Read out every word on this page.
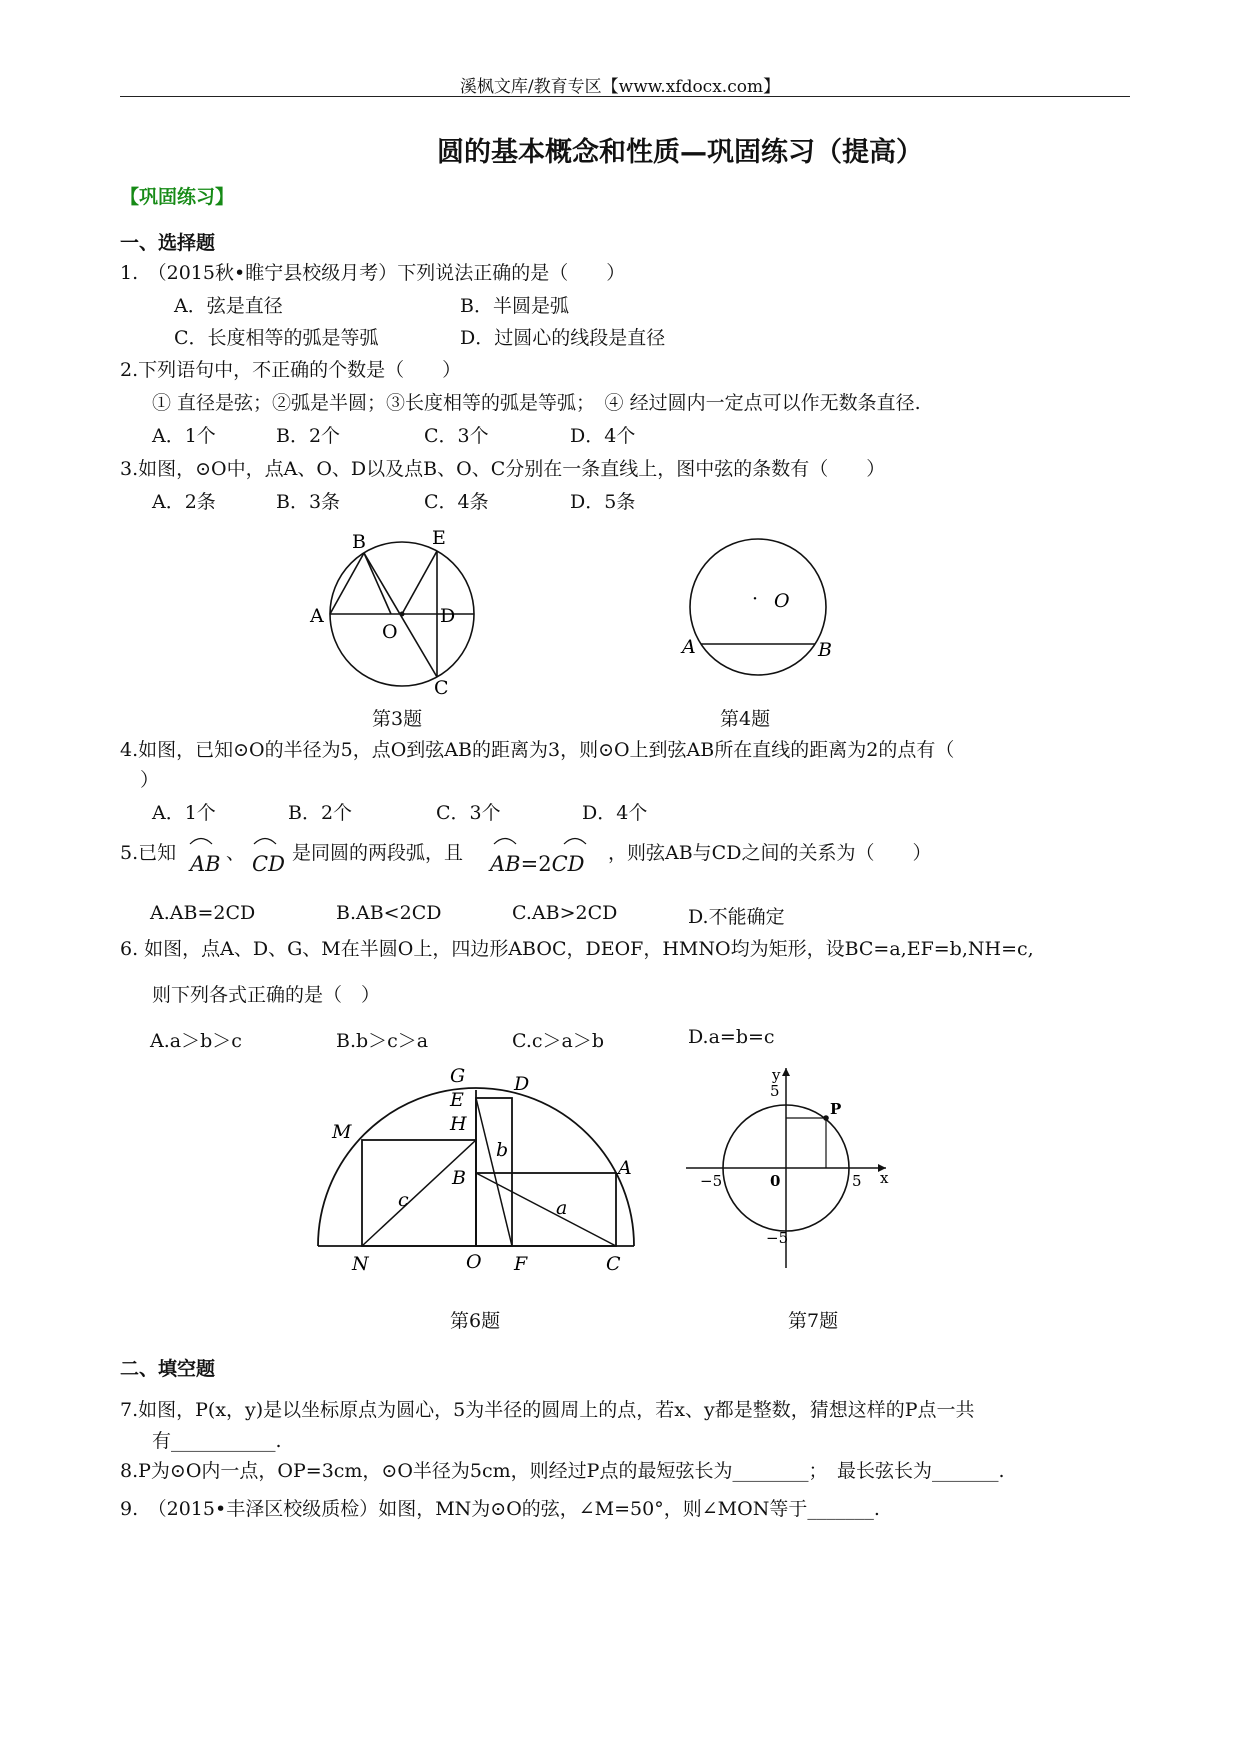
溪枫文库/教育专区【www.xfdocx.com】
圆的基本概念和性质—巩固练习（提高）
【巩固练习】
一、选择题
1.　（2015秋•睢宁县校级月考）下列说法正确的是（　　）
A．弦是直径	B．半圆是弧
C．长度相等的弧是等弧	D．过圆心的线段是直径
2.下列语句中，不正确的个数是（　　）
① 直径是弦；②弧是半圆；③长度相等的弧是等弧；　④ 经过圆内一定点可以作无数条直径.
A．1个	B．2个	C．3个	D．4个
3.如图，⊙O中，点A、O、D以及点B、O、C分别在一条直线上，图中弦的条数有（　　）
A．2条	B．3条	C．4条	D．5条
B	E
A	D
O
C
第3题
· O
A	B
第4题
4.如图，已知⊙O的半径为5，点O到弦AB的距离为3，则⊙O上到弦AB所在直线的距离为2的点有（
）
A．1个	B．2个	C．3个	D．4个
5.已知 AB 、 CD 是同圆的两段弧，且 AB=2CD ，则弦AB与CD之间的关系为（　　）
A.AB=2CD	B.AB<2CD	C.AB>2CD	D.不能确定
6. 如图，点A、D、G、M在半圆O上，四边形ABOC，DEOF，HMNO均为矩形，设BC=a,EF=b,NH=c,
则下列各式正确的是（　）
A.a＞b＞c	B.b＞c＞a	C.c＞a＞b	D.a=b=c
G	D
E
H
M
A
B
b
a
c
N	O F	C
第6题
y
x
5
−5
−5	5
0
P
第7题
二、填空题
7.如图，P(x，y)是以坐标原点为圆心，5为半径的圆周上的点，若x、y都是整数，猜想这样的P点一共
有___________.
8.P为⊙O内一点，OP=3cm，⊙O半径为5cm，则经过P点的最短弦长为________；　最长弦长为_______.
9.　（2015•丰泽区校级质检）如图，MN为⊙O的弦，∠M=50°，则∠MON等于_______.
